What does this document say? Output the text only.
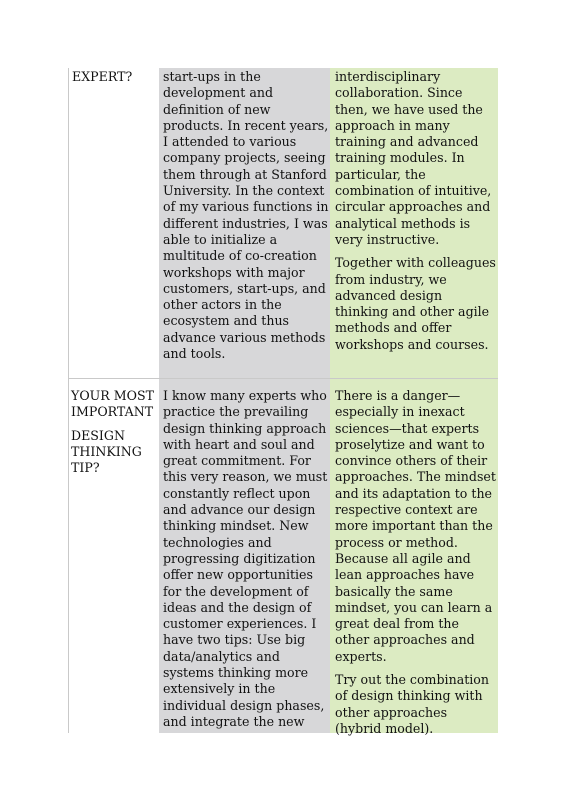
EXPERT?	start-ups in the development and definition of new products. In recent years, I attended to various company projects, seeing them through at Stanford University. In the context of my various functions in different industries, I was able to initialize a multitude of co-creation workshops with major customers, start-ups, and other actors in the ecosystem and thus advance various methods and tools.

interdisciplinary collaboration. Since then, we have used the approach in many training and advanced training modules. In particular, the combination of intuitive, circular approaches and analytical methods is very instructive.

Together with colleagues from industry, we advanced design thinking and other agile methods and offer workshops and courses.

YOUR MOST IMPORTANT

DESIGN THINKING TIP?

I know many experts who practice the prevailing design thinking approach with heart and soul and great commitment. For this very reason, we must constantly reflect upon and advance our design thinking mindset. New technologies and progressing digitization offer new opportunities for the development of ideas and the design of customer experiences. I have two tips: Use big data/analytics and systems thinking more extensively in the individual design phases, and integrate the new

There is a danger—especially in inexact sciences—that experts proselytize and want to convince others of their approaches. The mindset and its adaptation to the respective context are more important than the process or method. Because all agile and lean approaches have basically the same mindset, you can learn a great deal from the other approaches and experts.

Try out the combination of design thinking with other approaches (hybrid model).
